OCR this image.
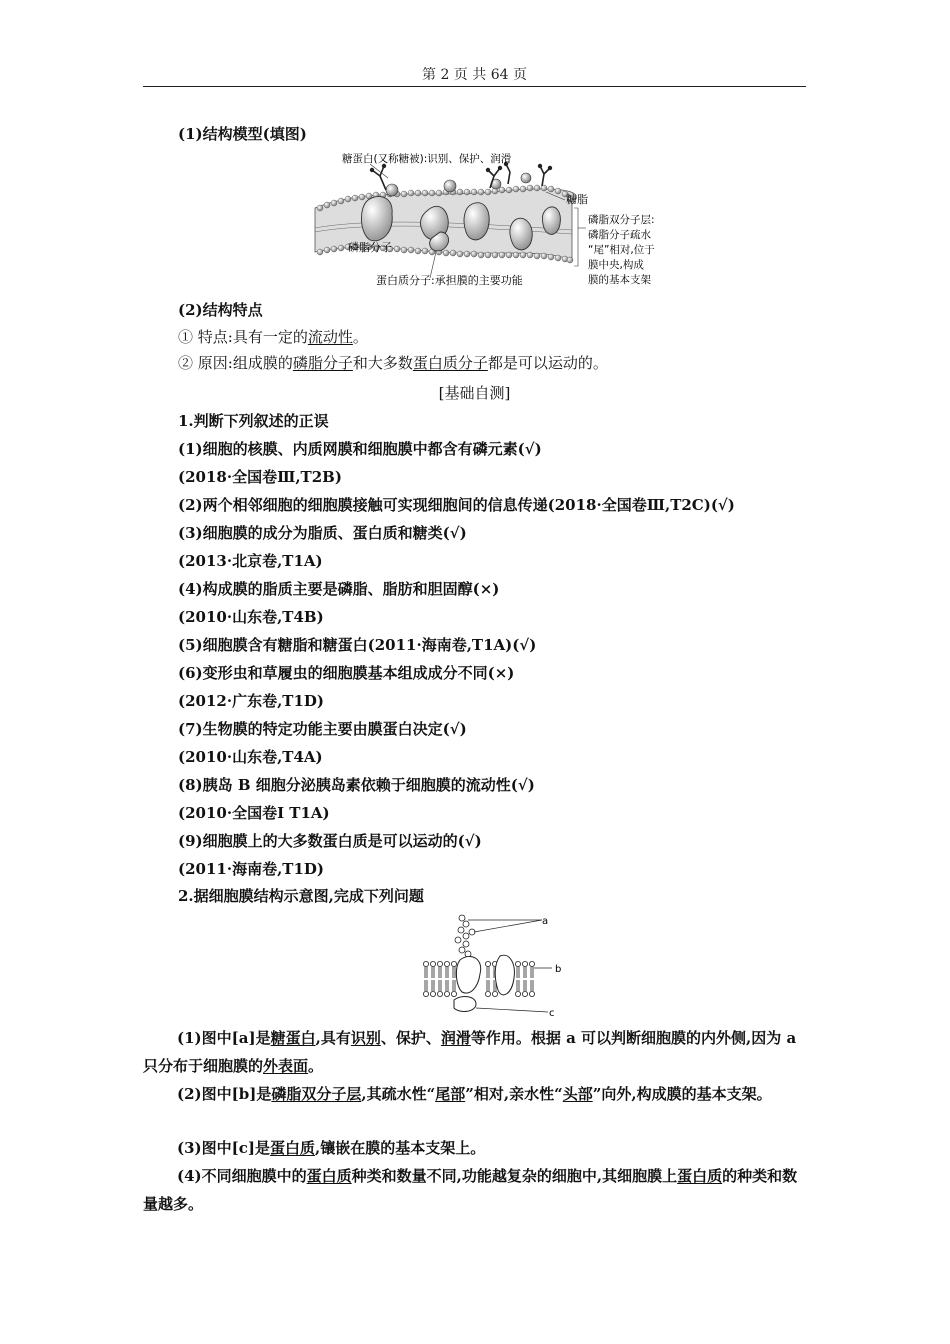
第 2 页 共 64 页
(1)结构模型(填图)
糖蛋白(又称糖被):识别、保护、润滑
糖脂
磷脂分子
蛋白质分子:承担膜的主要功能
磷脂双分子层:
磷脂分子疏水
“尾”相对,位于
膜中央,构成
膜的基本支架
(2)结构特点
① 特点:具有一定的流动性。
② 原因:组成膜的磷脂分子和大多数蛋白质分子都是可以运动的。
[基础自测]
1.判断下列叙述的正误
(1)细胞的核膜、内质网膜和细胞膜中都含有磷元素(√)
(2018·全国卷Ⅲ,T2B)
(2)两个相邻细胞的细胞膜接触可实现细胞间的信息传递(2018·全国卷Ⅲ,T2C)(√)
(3)细胞膜的成分为脂质、蛋白质和糖类(√)
(2013·北京卷,T1A)
(4)构成膜的脂质主要是磷脂、脂肪和胆固醇(×)
(2010·山东卷,T4B)
(5)细胞膜含有糖脂和糖蛋白(2011·海南卷,T1A)(√)
(6)变形虫和草履虫的细胞膜基本组成成分不同(×)
(2012·广东卷,T1D)
(7)生物膜的特定功能主要由膜蛋白决定(√)
(2010·山东卷,T4A)
(8)胰岛 B 细胞分泌胰岛素依赖于细胞膜的流动性(√)
(2010·全国卷Ⅰ T1A)
(9)细胞膜上的大多数蛋白质是可以运动的(√)
(2011·海南卷,T1D)
2.据细胞膜结构示意图,完成下列问题
a
b
c
(1)图中[a]是糖蛋白,具有识别、保护、润滑等作用。根据 a 可以判断细胞膜的内外侧,因为 a 只分布于细胞膜的外表面。
(2)图中[b]是磷脂双分子层,其疏水性“尾部”相对,亲水性“头部”向外,构成膜的基本支架。
(3)图中[c]是蛋白质,镶嵌在膜的基本支架上。
(4)不同细胞膜中的蛋白质种类和数量不同,功能越复杂的细胞中,其细胞膜上蛋白质的种类和数量越多。
